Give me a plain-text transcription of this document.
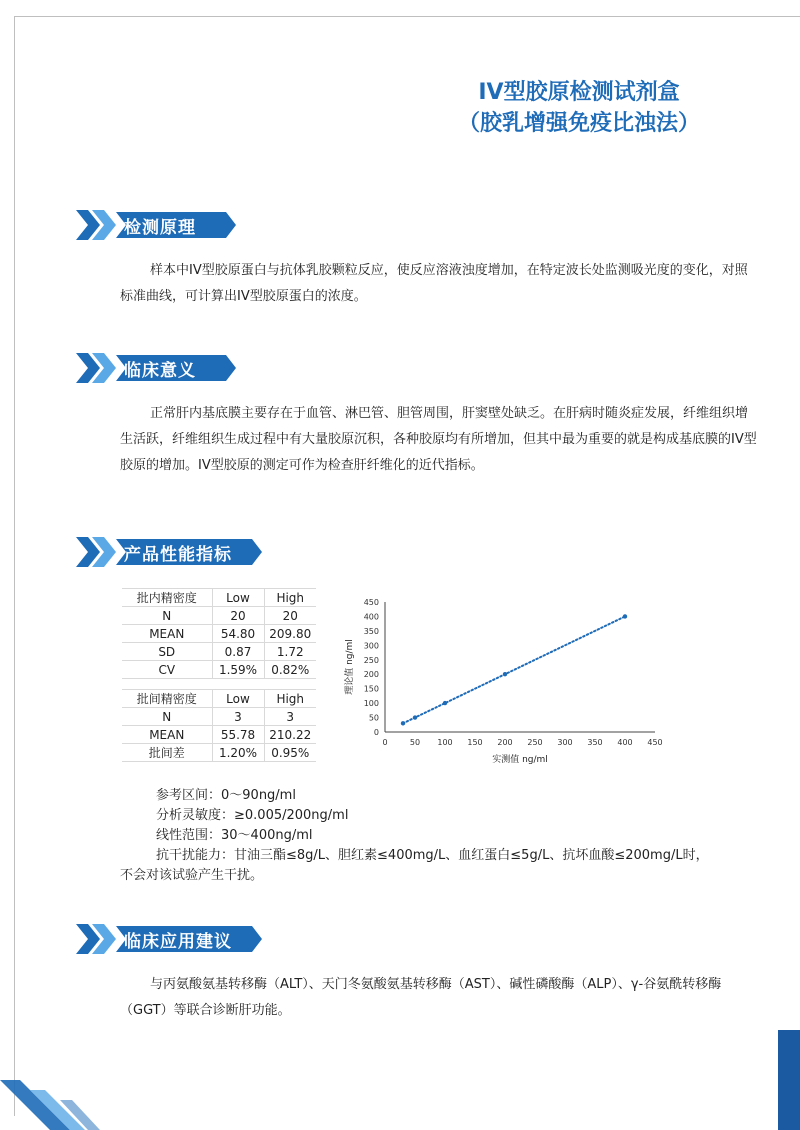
IV型胶原检测试剂盒
（胶乳增强免疫比浊法）
检测原理
样本中IV型胶原蛋白与抗体乳胶颗粒反应，使反应溶液浊度增加，在特定波长处监测吸光度的变化，对照标准曲线，可计算出IV型胶原蛋白的浓度。
临床意义
正常肝内基底膜主要存在于血管、淋巴管、胆管周围，肝窦壁处缺乏。在肝病时随炎症发展，纤维组织增生活跃，纤维组织生成过程中有大量胶原沉积，各种胶原均有所增加，但其中最为重要的就是构成基底膜的IV型胶原的增加。IV型胶原的测定可作为检查肝纤维化的近代指标。
产品性能指标
批内精密度	Low	High
N	20	20
MEAN	54.80	209.80
SD	0.87	1.72
CV	1.59%	0.82%
批间精密度	Low	High
N	3	3
MEAN	55.78	210.22
批间差	1.20%	0.95%
0	50 100 150 200 250 300 350 400 450
0
50
100
150
200
250
300
350
400
450
实测值 ng/ml
理论值 ng/ml
参考区间：0～90ng/ml
分析灵敏度：≥0.005/200ng/ml
线性范围：30～400ng/ml
抗干扰能力：甘油三酯≤8g/L、胆红素≤400mg/L、血红蛋白≤5g/L、抗坏血酸≤200mg/L时，
不会对该试验产生干扰。
临床应用建议
与丙氨酸氨基转移酶（ALT）、天门冬氨酸氨基转移酶（AST）、碱性磷酸酶（ALP）、γ-谷氨酰转移酶（GGT）等联合诊断肝功能。
